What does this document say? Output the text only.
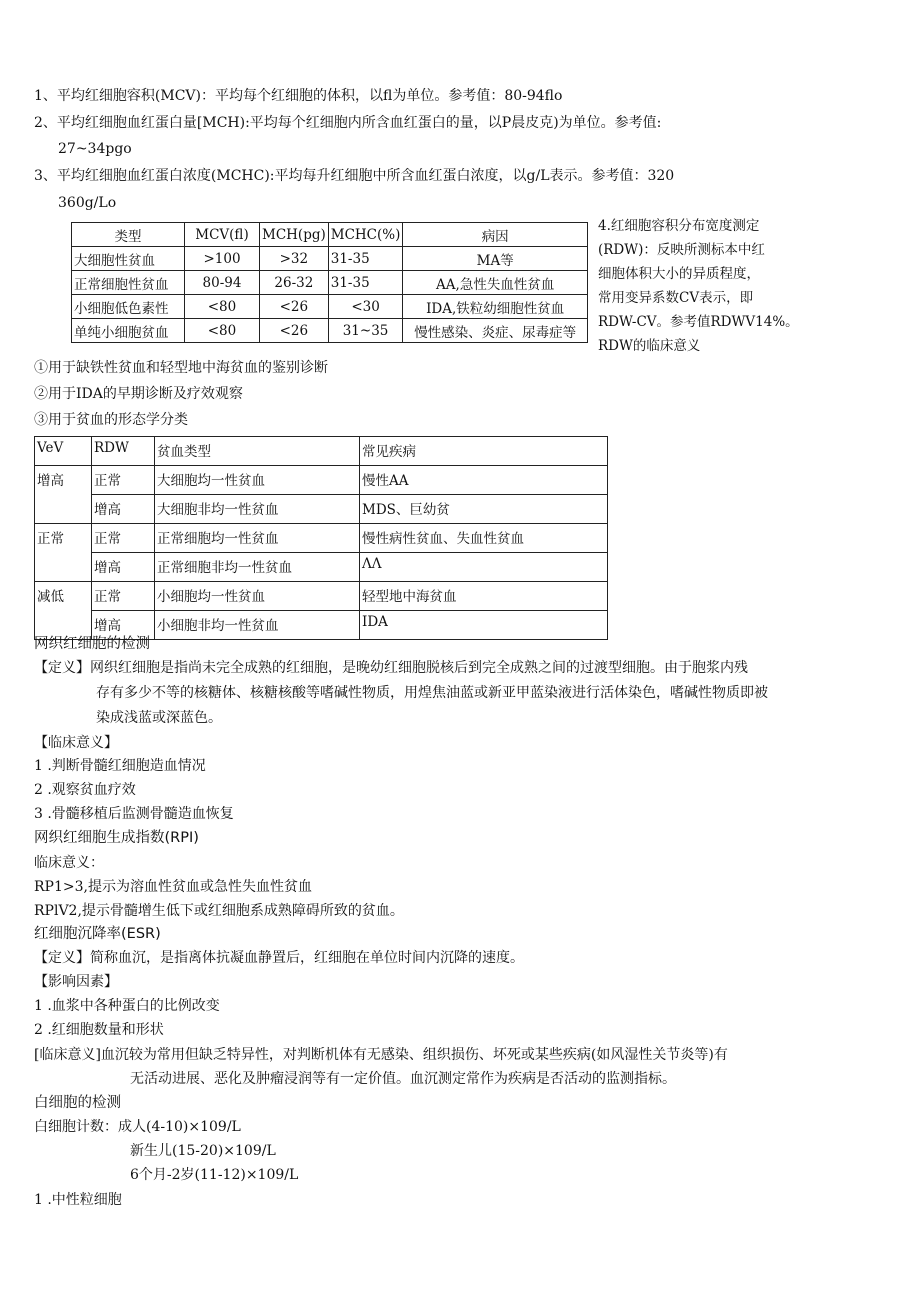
1、平均红细胞容积(MCV)：平均每个红细胞的体积，以fl为单位。参考值：80-94flo
2、平均红细胞血红蛋白量[MCH):平均每个红细胞内所含血红蛋白的量，以P晨皮克)为单位。参考值:
27~34pgo
3、平均红细胞血红蛋白浓度(MCHC):平均每升红细胞中所含血红蛋白浓度，以g/L表示。参考值：320
360g/Lo
类型	MCV(fl)	MCH(pg)	MCHC(%)	病因
大细胞性贫血	>100	>32	31-35	MA等
正常细胞性贫血	80-94	26-32	31-35	AA,急性失血性贫血
小细胞低色素性	<80	<26	<30	IDA,铁粒幼细胞性贫血
单纯小细胞贫血	<80	<26	31~35	慢性感染、炎症、尿毒症等
4.红细胞容积分布宽度测定
(RDW)：反映所测标本中红
细胞体积大小的异质程度，
常用变异系数CV表示，即
RDW-CV。参考值RDWV14%。
RDW的临床意义
①用于缺铁性贫血和轻型地中海贫血的鉴别诊断
②用于IDA的早期诊断及疗效观察
③用于贫血的形态学分类
VeV	RDW	贫血类型	常见疾病
增高	正常	大细胞均一性贫血	慢性AA
	增高	大细胞非均一性贫血	MDS、巨幼贫
正常	正常	正常细胞均一性贫血	慢性病性贫血、失血性贫血
	增高	正常细胞非均一性贫血	ΛΛ
减低	正常	小细胞均一性贫血	轻型地中海贫血
	增高	小细胞非均一性贫血	IDA
网织红细胞的检测
【定义】网织红细胞是指尚未完全成熟的红细胞，是晚幼红细胞脱核后到完全成熟之间的过渡型细胞。由于胞浆内残
存有多少不等的核糖体、核糖核酸等嗜碱性物质，用煌焦油蓝或新亚甲蓝染液进行活体染色，嗜碱性物质即被
染成浅蓝或深蓝色。
【临床意义】
1 .判断骨髓红细胞造血情况
2 .观察贫血疗效
3 .骨髓移植后监测骨髓造血恢复
网织红细胞生成指数(RPI)
临床意义：
RP1>3,提示为溶血性贫血或急性失血性贫血
RPlV2,提示骨髓增生低下或红细胞系成熟障碍所致的贫血。
红细胞沉降率(ESR)
【定义】简称血沉，是指离体抗凝血静置后，红细胞在单位时间内沉降的速度。
【影响因素】
1 .血浆中各种蛋白的比例改变
2 .红细胞数量和形状
[临床意义]血沉较为常用但缺乏特异性，对判断机体有无感染、组织损伤、坏死或某些疾病(如风湿性关节炎等)有
无活动进展、恶化及肿瘤浸润等有一定价值。血沉测定常作为疾病是否活动的监测指标。
白细胞的检测
白细胞计数：成人(4-10)×109/L
新生儿(15-20)×109/L
6个月-2岁(11-12)×109/L
1 .中性粒细胞
